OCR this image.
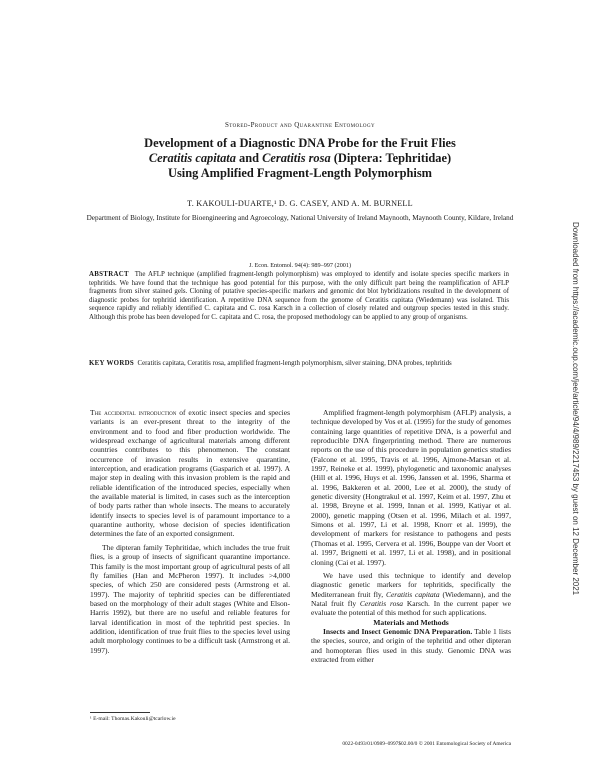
Stored-Product and Quarantine Entomology
Development of a Diagnostic DNA Probe for the Fruit Flies
Ceratitis capitata and Ceratitis rosa (Diptera: Tephritidae)
Using Amplified Fragment-Length Polymorphism
T. KAKOULI-DUARTE,¹ D. G. CASEY, AND A. M. BURNELL
Department of Biology, Institute for Bioengineering and Agroecology, National University of Ireland Maynooth, Maynooth County, Kildare, Ireland
J. Econ. Entomol. 94(4): 989–997 (2001)
ABSTRACT The AFLP technique (amplified fragment-length polymorphism) was employed to identify and isolate species specific markers in tephritids. We have found that the technique has good potential for this purpose, with the only difficult part being the reamplification of AFLP fragments from silver stained gels. Cloning of putative species-specific markers and genomic dot blot hybridizations resulted in the development of diagnostic probes for tephritid identification. A repetitive DNA sequence from the genome of Ceratitis capitata (Wiedemann) was isolated. This sequence rapidly and reliably identified C. capitata and C. rosa Karsch in a collection of closely related and outgroup species tested in this study. Although this probe has been developed for C. capitata and C. rosa, the proposed methodology can be applied to any group of organisms.
KEY WORDS Ceratitis capitata, Ceratitis rosa, amplified fragment-length polymorphism, silver staining, DNA probes, tephritids

The accidental introduction of exotic insect species and species variants is an ever-present threat to the integrity of the environment and to food and fiber production worldwide. The widespread exchange of agricultural materials among different countries contributes to this phenomenon. The constant occurrence of invasion results in extensive quarantine, interception, and eradication programs (Gasparich et al. 1997). A major step in dealing with this invasion problem is the rapid and reliable identification of the introduced species, especially when the available material is limited, in cases such as the interception of body parts rather than whole insects. The means to accurately identify insects to species level is of paramount importance to a quarantine authority, whose decision of species identification determines the fate of an exported consignment.

The dipteran family Tephritidae, which includes the true fruit flies, is a group of insects of significant quarantine importance. This family is the most important group of agricultural pests of all fly families (Han and McPheron 1997). It includes >4,000 species, of which 250 are considered pests (Armstrong et al. 1997). The majority of tephritid species can be differentiated based on the morphology of their adult stages (White and Elson-Harris 1992), but there are no useful and reliable features for larval identification in most of the tephritid pest species. In addition, identification of true fruit flies to the species level using adult morphology continues to be a difficult task (Armstrong et al. 1997).

Amplified fragment-length polymorphism (AFLP) analysis, a technique developed by Vos et al. (1995) for the study of genomes containing large quantities of repetitive DNA, is a powerful and reproducible DNA fingerprinting method. There are numerous reports on the use of this procedure in population genetics studies (Falcone et al. 1995, Travis et al. 1996, Ajmone-Marsan et al. 1997, Reineke et al. 1999), phylogenetic and taxonomic analyses (Hill et al. 1996, Huys et al. 1996, Janssen et al. 1996, Sharma et al. 1996, Bakkeren et al. 2000, Lee et al. 2000), the study of genetic diversity (Hongtrakul et al. 1997, Keim et al. 1997, Zhu et al. 1998, Breyne et al. 1999, Innan et al. 1999, Katiyar et al. 2000), genetic mapping (Otsen et al. 1996, Milach et al. 1997, Simons et al. 1997, Li et al. 1998, Knorr et al. 1999), the development of markers for resistance to pathogens and pests (Thomas et al. 1995, Cervera et al. 1996, Bouppe van der Voort et al. 1997, Brignetti et al. 1997, Li et al. 1998), and in positional cloning (Cai et al. 1997).

We have used this technique to identify and develop diagnostic genetic markers for tephritids, specifically the Mediterranean fruit fly, Ceratitis capitata (Wiedemann), and the Natal fruit fly Ceratitis rosa Karsch. In the current paper we evaluate the potential of this method for such applications.

Materials and Methods

Insects and Insect Genomic DNA Preparation. Table 1 lists the species, source, and origin of the tephritid and other dipteran and homopteran flies used in this study. Genomic DNA was extracted from either

¹ E-mail: Thomas.Kakouli@tcarlow.ie
0022-0493/01/0989–0997$02.00/0 © 2001 Entomological Society of America
Downloaded from https://academic.oup.com/jee/article/94/4/989/2217453 by guest on 12 December 2021
